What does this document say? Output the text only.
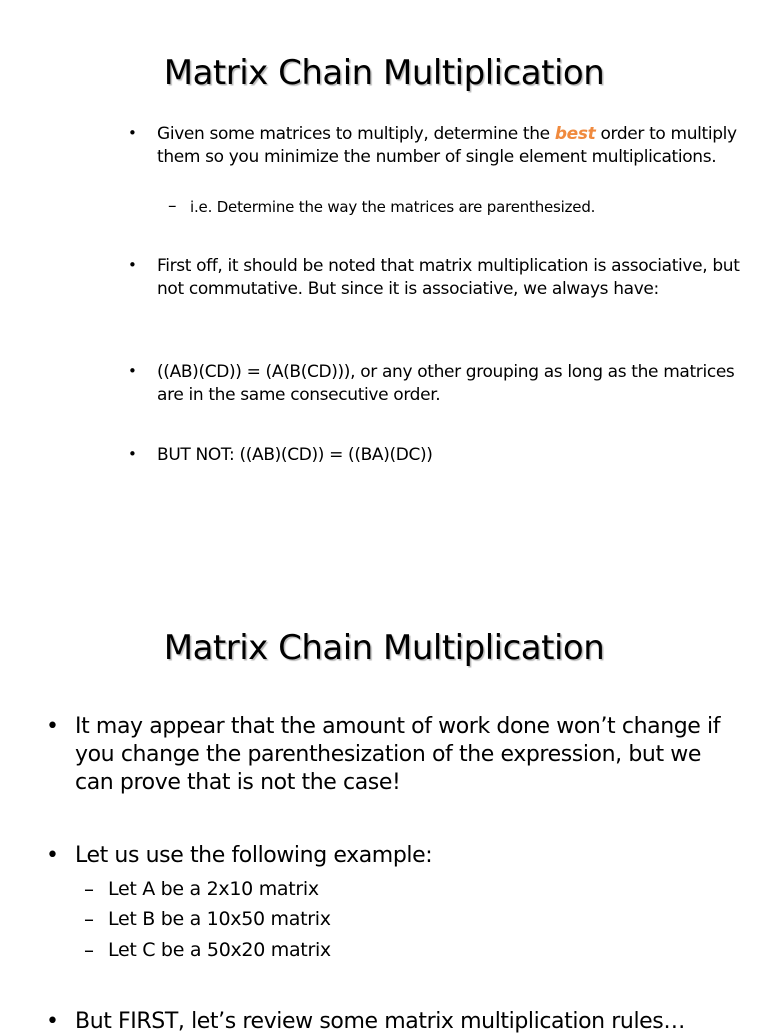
Matrix Chain Multiplication
• Given some matrices to multiply, determine the best order to multiply them so you minimize the number of single element multiplications.
– i.e. Determine the way the matrices are parenthesized.
• First off, it should be noted that matrix multiplication is associative, but not commutative. But since it is associative, we always have:
• ((AB)(CD)) = (A(B(CD))), or any other grouping as long as the matrices are in the same consecutive order.
• BUT NOT: ((AB)(CD)) = ((BA)(DC))
Matrix Chain Multiplication
• It may appear that the amount of work done won’t change if you change the parenthesization of the expression, but we can prove that is not the case!
• Let us use the following example:
– Let A be a 2x10 matrix
– Let B be a 10x50 matrix
– Let C be a 50x20 matrix
• But FIRST, let’s review some matrix multiplication rules…
